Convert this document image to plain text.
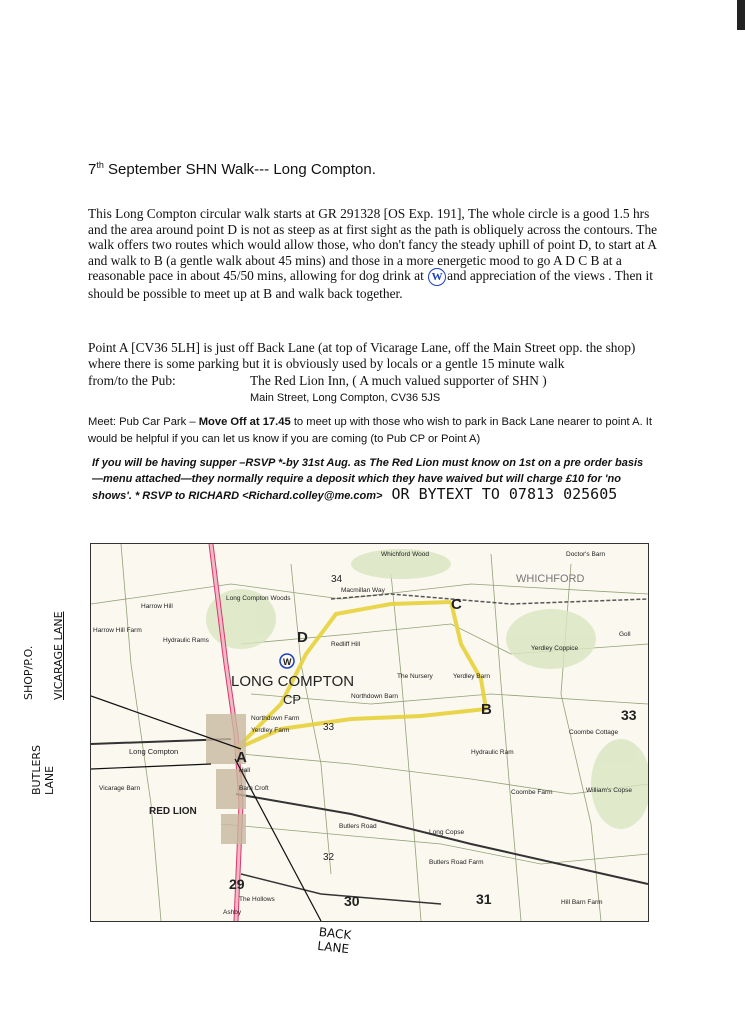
7th September SHN Walk--- Long Compton.
This Long Compton circular walk starts at GR 291328 [OS Exp. 191], The whole circle is a good 1.5 hrs and the area around point D is not as steep as at first sight as the path is obliquely across the contours. The walk offers two routes which would allow those, who don't fancy the steady uphill of point D, to start at A and walk to B (a gentle walk about 45 mins) and those in a more energetic mood to go A D C B at a reasonable pace in about 45/50 mins, allowing for dog drink at W and appreciation of the views . Then it should be possible to meet up at B and walk back together.
Point A [CV36 5LH] is just off Back Lane (at top of Vicarage Lane, off the Main Street opp. the shop) where there is some parking but it is obviously used by locals or a gentle 15 minute walk
from/to the Pub:	The Red Lion Inn, ( A much valued supporter of SHN )
Main Street, Long Compton, CV36 5JS
Meet: Pub Car Park – Move Off at 17.45 to meet up with those who wish to park in Back Lane nearer to point A. It would be helpful if you can let us know if you are coming (to Pub CP or Point A)
If you will be having supper –RSVP *-by 31st Aug. as The Red Lion must know on 1st on a pre order basis—menu attached—they normally require a deposit which they have waived but will charge £10 for 'no shows'. * RSVP to RICHARD <Richard.colley@me.com> OR BYTEXT TO 07813 025605
34
33
32
Whichford Wood	Doctor's Barn
WHICHFORD
Macmillan Way
Long Compton Woods
Harrow Hill
Harrow Hill Farm
Hydraulic Rams
Redliff Hill
The Nursery	Yerdley Barn
Yerdley Coppice
Northdown Barn
Northdown Farm
Yerdley Farm
Long Compton
Vicarage Barn	Barn Croft
Hydraulic Ram
Coombe Cottage
Coombe Farm	William's Copse
Butlers Road
Long Copse
Butlers Road Farm
The Hollows	Hill Barn Farm
Ashby
Hall
Goll
LONG COMPTON
CP
C
D
B
A
W
RED LION
29
30	31
33
SHOP/P.O. VICARAGE LANE
BUTLERS LANE
BACK LANE
